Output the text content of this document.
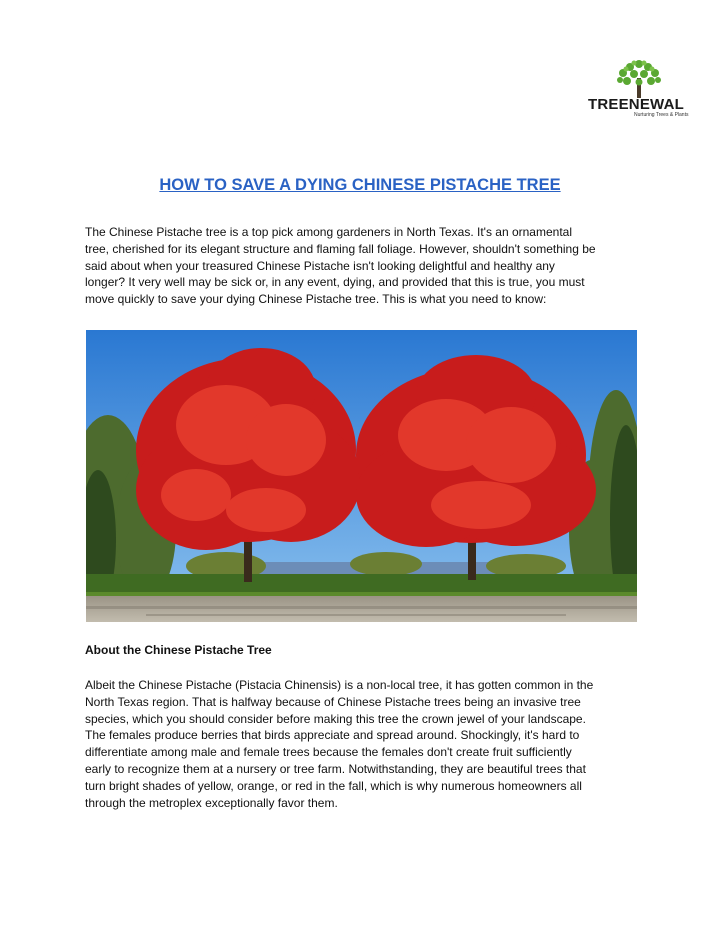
TREENEWAL
Nurturing Trees & Plants
HOW TO SAVE A DYING CHINESE PISTACHE TREE
The Chinese Pistache tree is a top pick among gardeners in North Texas. It's an ornamental
tree, cherished for its elegant structure and flaming fall foliage. However, shouldn't something be
said about when your treasured Chinese Pistache isn't looking delightful and healthy any
longer? It very well may be sick or, in any event, dying, and provided that this is true, you must
move quickly to save your dying Chinese Pistache tree. This is what you need to know:
About the Chinese Pistache Tree
Albeit the Chinese Pistache (Pistacia Chinensis) is a non-local tree, it has gotten common in the
North Texas region. That is halfway because of Chinese Pistache trees being an invasive tree
species, which you should consider before making this tree the crown jewel of your landscape.
The females produce berries that birds appreciate and spread around. Shockingly, it's hard to
differentiate among male and female trees because the females don't create fruit sufficiently
early to recognize them at a nursery or tree farm. Notwithstanding, they are beautiful trees that
turn bright shades of yellow, orange, or red in the fall, which is why numerous homeowners all
through the metroplex exceptionally favor them.
